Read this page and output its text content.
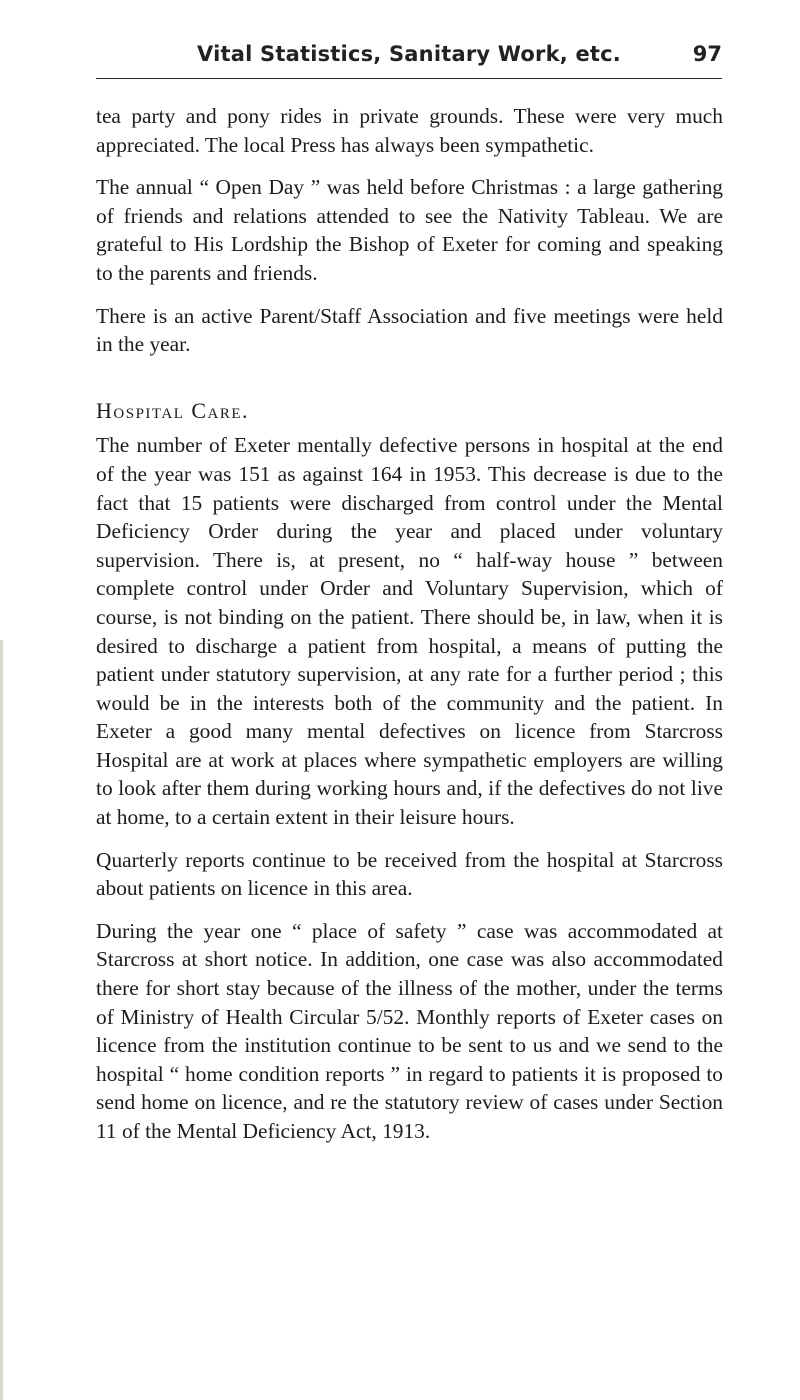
Vital Statistics, Sanitary Work, etc.	97

tea party and pony rides in private grounds. These were very much appreciated. The local Press has always been sympathetic.

The annual “ Open Day ” was held before Christmas : a large gathering of friends and relations attended to see the Nativity Tableau. We are grateful to His Lordship the Bishop of Exeter for coming and speaking to the parents and friends.

There is an active Parent/Staff Association and five meetings were held in the year.

Hospital Care.

The number of Exeter mentally defective persons in hospital at the end of the year was 151 as against 164 in 1953. This decrease is due to the fact that 15 patients were discharged from control under the Mental Deficiency Order during the year and placed under voluntary supervision. There is, at present, no “ half-way house ” between complete control under Order and Voluntary Supervision, which of course, is not binding on the patient. There should be, in law, when it is desired to discharge a patient from hospital, a means of putting the patient under statutory supervision, at any rate for a further period ; this would be in the interests both of the community and the patient. In Exeter a good many mental defectives on licence from Starcross Hospital are at work at places where sympathetic employers are willing to look after them during working hours and, if the defectives do not live at home, to a certain extent in their leisure hours.

Quarterly reports continue to be received from the hospital at Starcross about patients on licence in this area.

During the year one “ place of safety ” case was accommodated at Starcross at short notice. In addition, one case was also accommodated there for short stay because of the illness of the mother, under the terms of Ministry of Health Circular 5/52. Monthly reports of Exeter cases on licence from the institution continue to be sent to us and we send to the hospital “ home condition reports ” in regard to patients it is proposed to send home on licence, and re the statutory review of cases under Section 11 of the Mental Deficiency Act, 1913.
